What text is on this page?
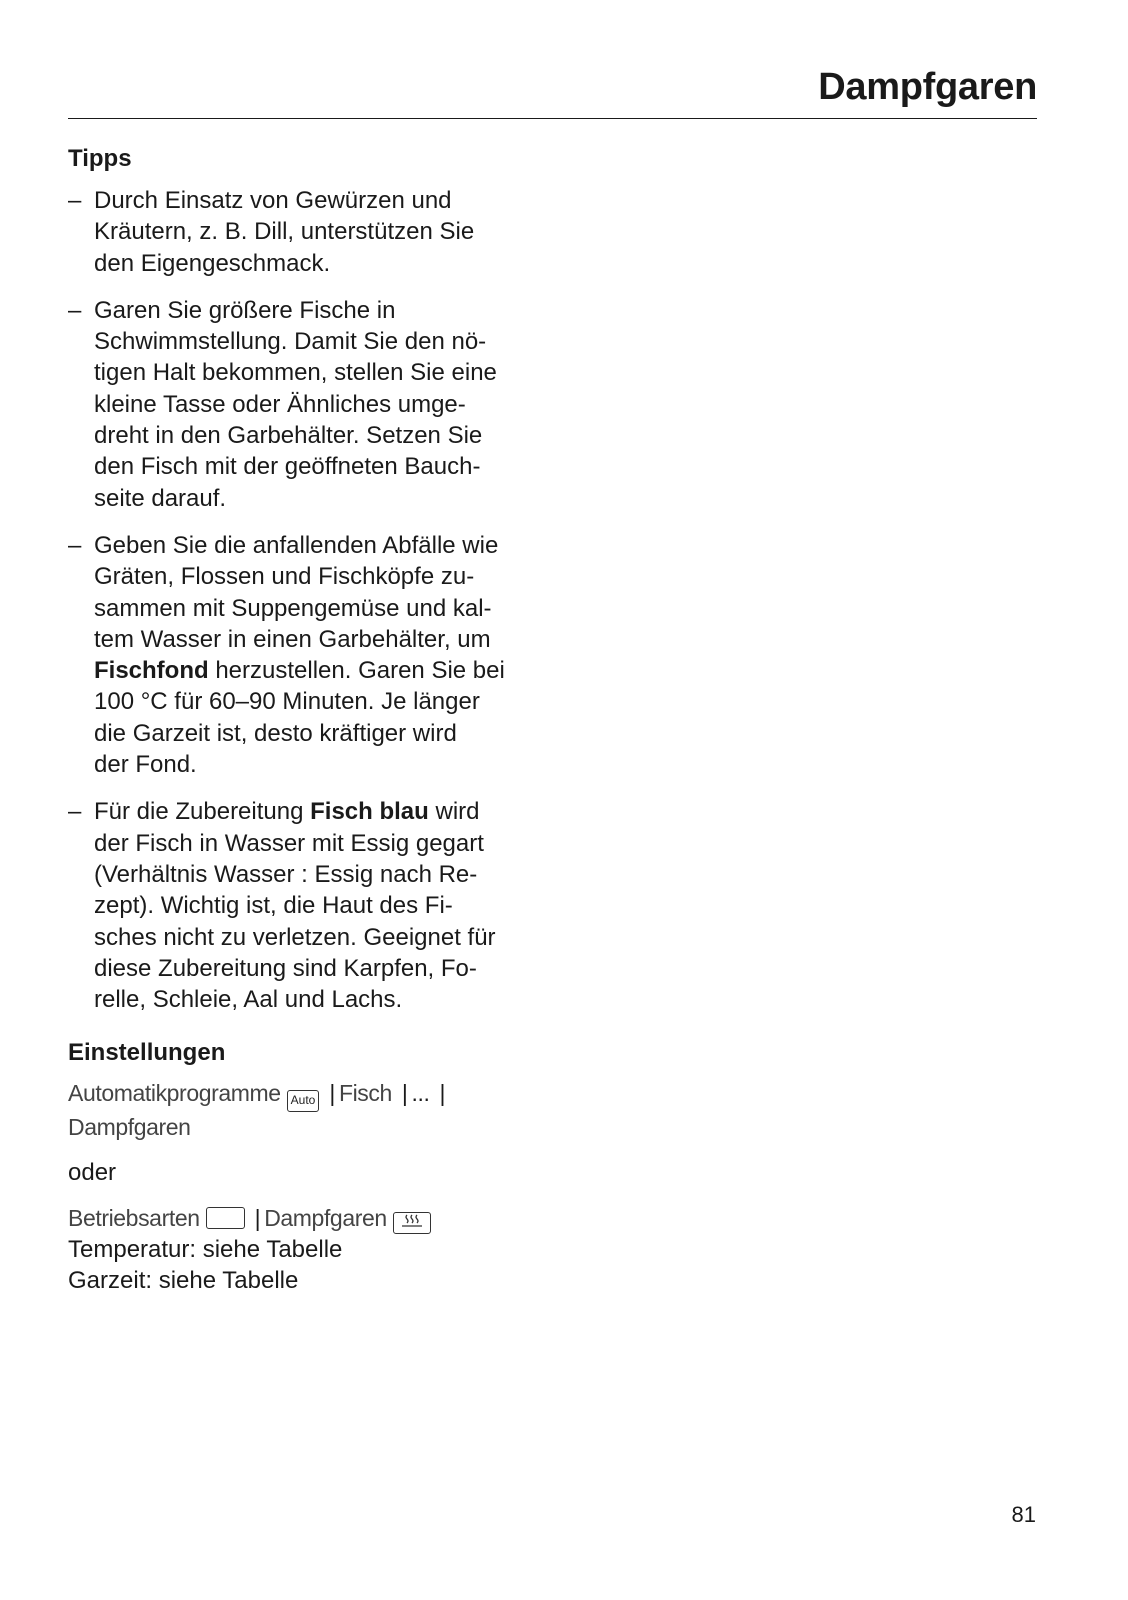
Dampfgaren
Tipps
– Durch Einsatz von Gewürzen und
Kräutern, z. B. Dill, unterstützen Sie
den Eigengeschmack.
– Garen Sie größere Fische in
Schwimmstellung. Damit Sie den nö-
tigen Halt bekommen, stellen Sie eine
kleine Tasse oder Ähnliches umge-
dreht in den Garbehälter. Setzen Sie
den Fisch mit der geöffneten Bauch-
seite darauf.
– Geben Sie die anfallenden Abfälle wie
Gräten, Flossen und Fischköpfe zu-
sammen mit Suppengemüse und kal-
tem Wasser in einen Garbehälter, um
Fischfond herzustellen. Garen Sie bei
100 °C für 60–90 Minuten. Je länger
die Garzeit ist, desto kräftiger wird
der Fond.
– Für die Zubereitung Fisch blau wird
der Fisch in Wasser mit Essig gegart
(Verhältnis Wasser : Essig nach Re-
zept). Wichtig ist, die Haut des Fi-
sches nicht zu verletzen. Geeignet für
diese Zubereitung sind Karpfen, Fo-
relle, Schleie, Aal und Lachs.
Einstellungen
Automatikprogramme Auto | Fisch | ... |
Dampfgaren
oder
Betriebsarten | Dampfgaren
Temperatur: siehe Tabelle
Garzeit: siehe Tabelle
81
